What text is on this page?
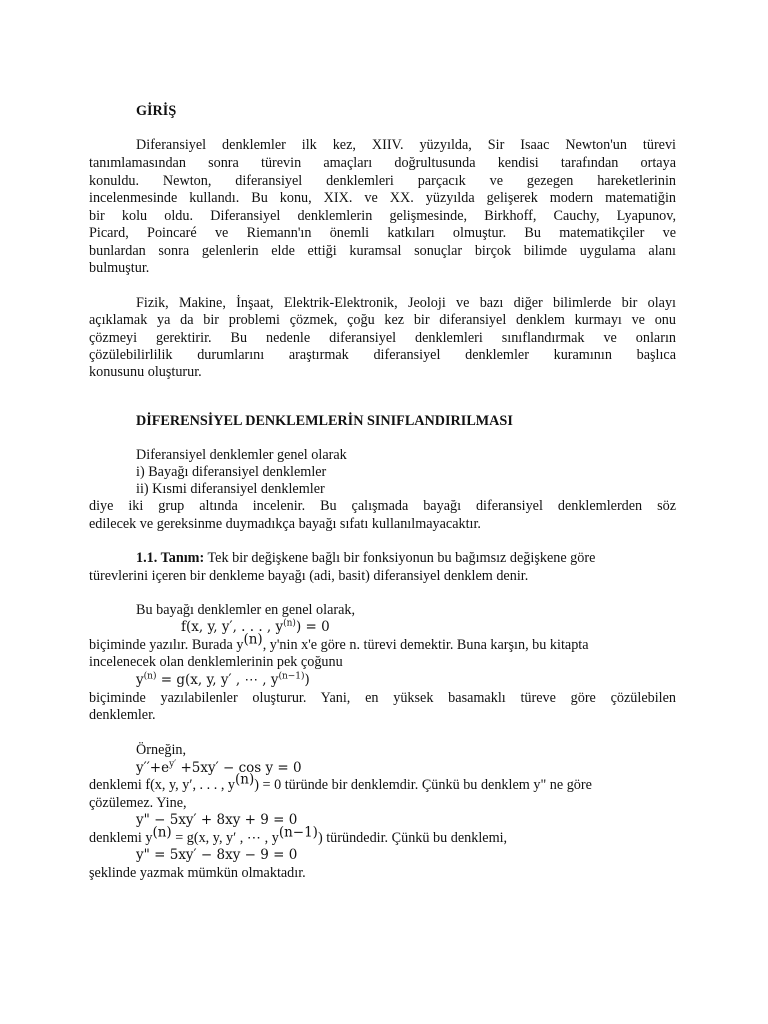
GİRİŞ
Diferansiyel denklemler ilk kez, XIIV. yüzyılda, Sir Isaac Newton'un türevi
tanımlamasından sonra türevin amaçları doğrultusunda kendisi tarafından ortaya
konuldu. Newton, diferansiyel denklemleri parçacık ve gezegen hareketlerinin
incelenmesinde kullandı. Bu konu, XIX. ve XX. yüzyılda gelişerek modern matematiğin
bir kolu oldu. Diferansiyel denklemlerin gelişmesinde, Birkhoff, Cauchy, Lyapunov,
Picard, Poincaré ve Riemann'ın önemli katkıları olmuştur. Bu matematikçiler ve
bunlardan sonra gelenlerin elde ettiği kuramsal sonuçlar birçok bilimde uygulama alanı
bulmuştur.
Fizik, Makine, İnşaat, Elektrik-Elektronik, Jeoloji ve bazı diğer bilimlerde bir olayı
açıklamak ya da bir problemi çözmek, çoğu kez bir diferansiyel denklem kurmayı ve onu
çözmeyi gerektirir. Bu nedenle diferansiyel denklemleri sınıflandırmak ve onların
çözülebilirlilik durumlarını araştırmak diferansiyel denklemler kuramının başlıca
konusunu oluşturur.
DİFERENSİYEL DENKLEMLERİN SINIFLANDIRILMASI
Diferansiyel denklemler genel olarak
i) Bayağı diferansiyel denklemler
ii) Kısmi diferansiyel denklemler
diye iki grup altında incelenir. Bu çalışmada bayağı diferansiyel denklemlerden söz
edilecek ve gereksinme duymadıkça bayağı sıfatı kullanılmayacaktır.
1.1. Tanım: Tek bir değişkene bağlı bir fonksiyonun bu bağımsız değişkene göre
türevlerini içeren bir denkleme bayağı (adi, basit) diferansiyel denklem denir.
Bu bayağı denklemler en genel olarak,
f(x, y, y′, . . . , $y^{(n)}) = 0$
biçiminde yazılır. Burada $y^{(n)}$, y'nin x'e göre n. türevi demektir. Buna karşın, bu kitapta
incelenecek olan denklemlerinin pek çoğunu
$y^{(n)} = g(x$, y, y′ , ⋯ , $y^{(n-1)}$)
biçiminde yazılabilenler oluşturur. Yani, en yüksek basamaklı türeve göre çözülebilen
denklemler.
Örneğin,
$y''+e^{y'} +5xy' - \cos y = 0$
denklemi f(x, y, y′, . . . , $y^{(n)}) = 0$ türünde bir denklemdir. Çünkü bu denklem y" ne göre
çözülemez. Yine,
y" − 5xy′ + 8xy + 9 = 0
denklemi $y^{(n)} = g(x$, y, y′ , ⋯ , $y^{(n-1)}$) türündedir. Çünkü bu denklemi,
y" = 5xy′ − 8xy − 9 = 0
şeklinde yazmak mümkün olmaktadır.
